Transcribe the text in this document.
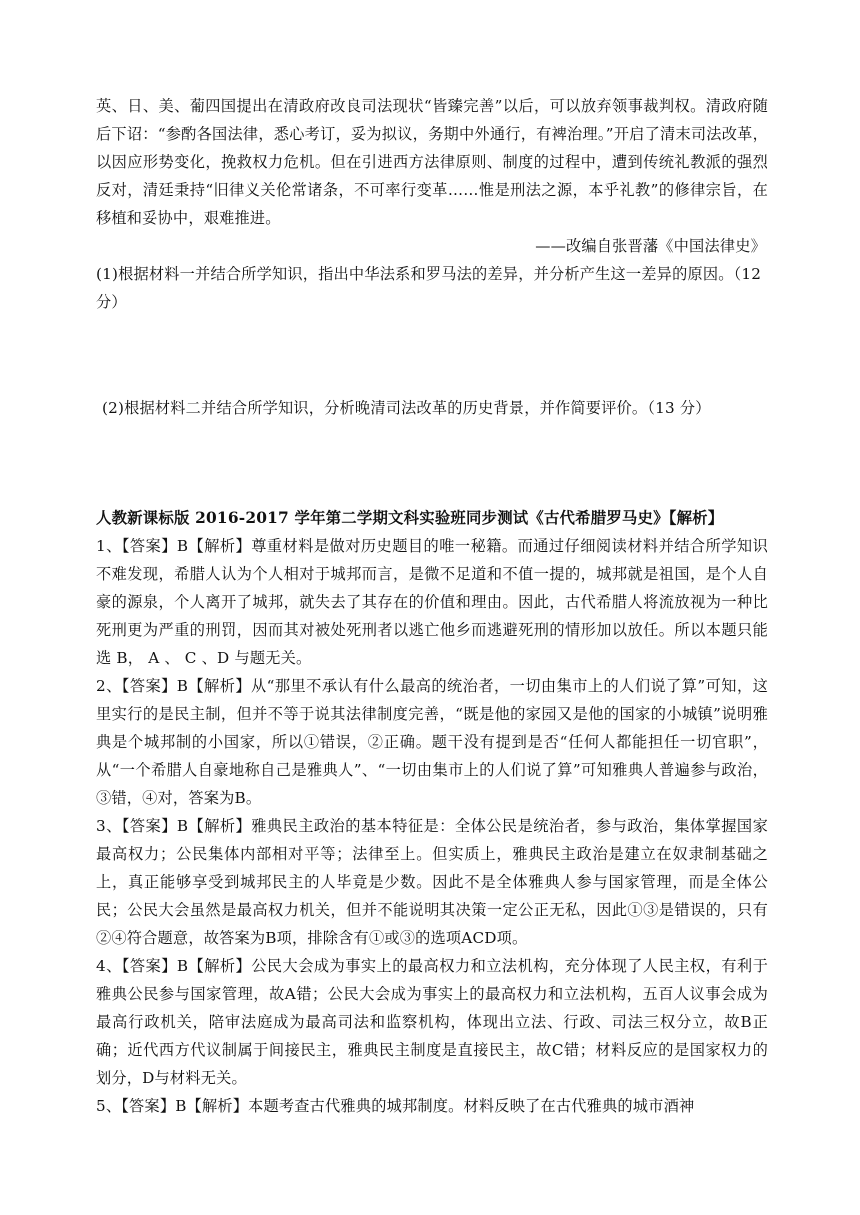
英、日、美、葡四国提出在清政府改良司法现状“皆臻完善”以后，可以放弃领事裁判权。清政府随后下诏：“参酌各国法律，悉心考订，妥为拟议，务期中外通行，有裨治理。”开启了清末司法改革，以因应形势变化，挽救权力危机。但在引进西方法律原则、制度的过程中，遭到传统礼教派的强烈反对，清廷秉持“旧律义关伦常诸条，不可率行变革……惟是刑法之源，本乎礼教”的修律宗旨，在移植和妥协中，艰难推进。

——改编自张晋藩《中国法律史》

(1)根据材料一并结合所学知识，指出中华法系和罗马法的差异，并分析产生这一差异的原因。（12 分）

(2)根据材料二并结合所学知识，分析晚清司法改革的历史背景，并作简要评价。（13 分）

人教新课标版 2016-2017 学年第二学期文科实验班同步测试《古代希腊罗马史》【解析】

1、【答案】B【解析】尊重材料是做对历史题目的唯一秘籍。而通过仔细阅读材料并结合所学知识不难发现，希腊人认为个人相对于城邦而言，是微不足道和不值一提的，城邦就是祖国，是个人自豪的源泉，个人离开了城邦，就失去了其存在的价值和理由。因此，古代希腊人将流放视为一种比死刑更为严重的刑罚，因而其对被处死刑者以逃亡他乡而逃避死刑的情形加以放任。所以本题只能选 B， A 、 C 、D 与题无关。

2、【答案】B【解析】从“那里不承认有什么最高的统治者，一切由集市上的人们说了算”可知，这里实行的是民主制，但并不等于说其法律制度完善，“既是他的家园又是他的国家的小城镇”说明雅典是个城邦制的小国家，所以①错误，②正确。题干没有提到是否“任何人都能担任一切官职”， 从“一个希腊人自豪地称自己是雅典人”、“一切由集市上的人们说了算”可知雅典人普遍参与政治，③错，④对，答案为B。

3、【答案】B【解析】雅典民主政治的基本特征是：全体公民是统治者，参与政治，集体掌握国家最高权力；公民集体内部相对平等；法律至上。但实质上，雅典民主政治是建立在奴隶制基础之上，真正能够享受到城邦民主的人毕竟是少数。因此不是全体雅典人参与国家管理，而是全体公民；公民大会虽然是最高权力机关，但并不能说明其决策一定公正无私，因此①③是错误的，只有②④符合题意，故答案为B项，排除含有①或③的选项ACD项。

4、【答案】B【解析】公民大会成为事实上的最高权力和立法机构，充分体现了人民主权，有利于雅典公民参与国家管理，故A错；公民大会成为事实上的最高权力和立法机构，五百人议事会成为最高行政机关，陪审法庭成为最高司法和监察机构，体现出立法、行政、司法三权分立，故B正确；近代西方代议制属于间接民主，雅典民主制度是直接民主，故C错；材料反应的是国家权力的划分，D与材料无关。

5、【答案】B【解析】本题考查古代雅典的城邦制度。材料反映了在古代雅典的城市酒神
